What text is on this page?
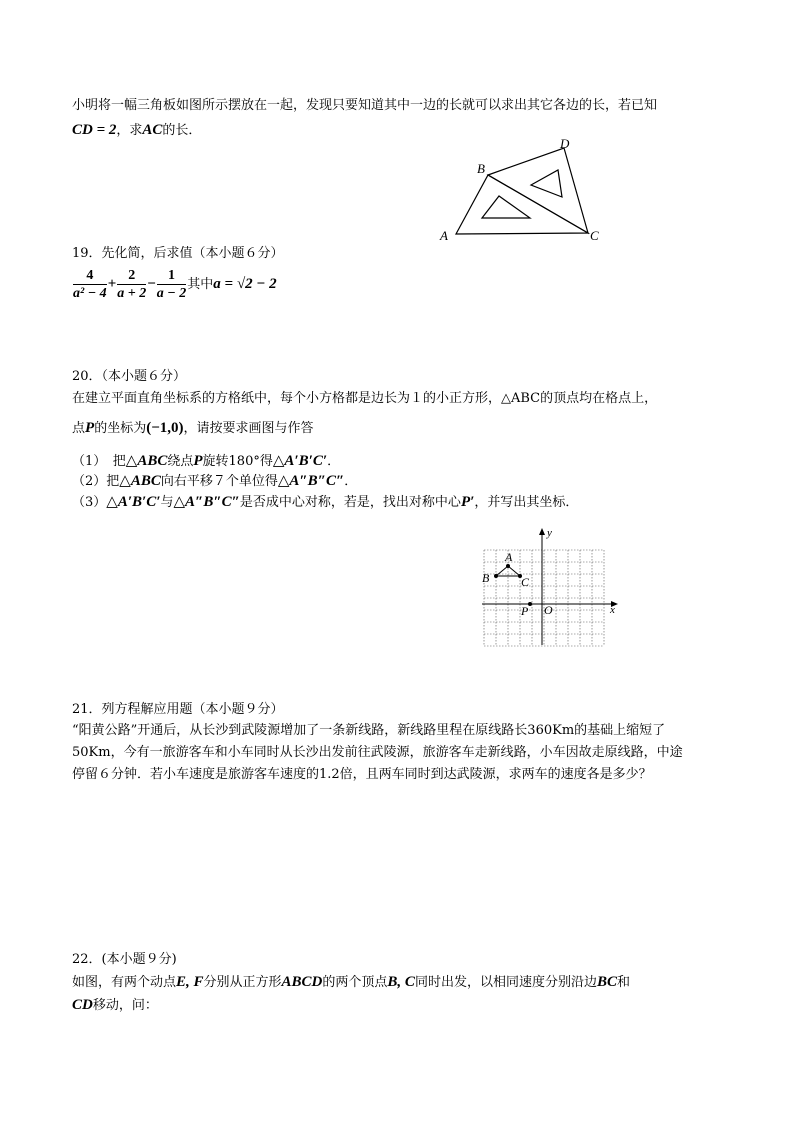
小明将一幅三角板如图所示摆放在一起，发现只要知道其中一边的长就可以求出其它各边的长，若已知
CD = 2，求AC的长．
A
B
D
C
19．先化简，后求值（本小题６分）
$\frac{4}{\text{a² − 4}} + \frac{2}{a + 2} - \frac{1}{a - 2}$ 其中a = √2 − 2
20．（本小题６分）
在建立平面直角坐标系的方格纸中，每个小方格都是边长为１的小正方形，△ABC的顶点均在格点上，
点P的坐标为(−1,0)，请按要求画图与作答
（1）　把△ABC绕点P旋转180°得△A′B′C′．
（2）把△ABC向右平移７个单位得△A″B″C″．
（3）△A′B′C′与△A″B″C″是否成中心对称，若是，找出对称中心P′，并写出其坐标．
A
B	C
P O	x
y
21．列方程解应用题（本小题９分）
“阳黄公路”开通后，从长沙到武陵源增加了一条新线路，新线路里程在原线路长360Km的基础上缩短了
50Km，今有一旅游客车和小车同时从长沙出发前往武陵源，旅游客车走新线路，小车因故走原线路，中途
停留６分钟．若小车速度是旅游客车速度的1.2倍，且两车同时到达武陵源，求两车的速度各是多少？
22．(本小题９分)
如图，有两个动点E, F分别从正方形ABCD的两个顶点B, C同时出发，以相同速度分别沿边BC和
CD移动，问：
